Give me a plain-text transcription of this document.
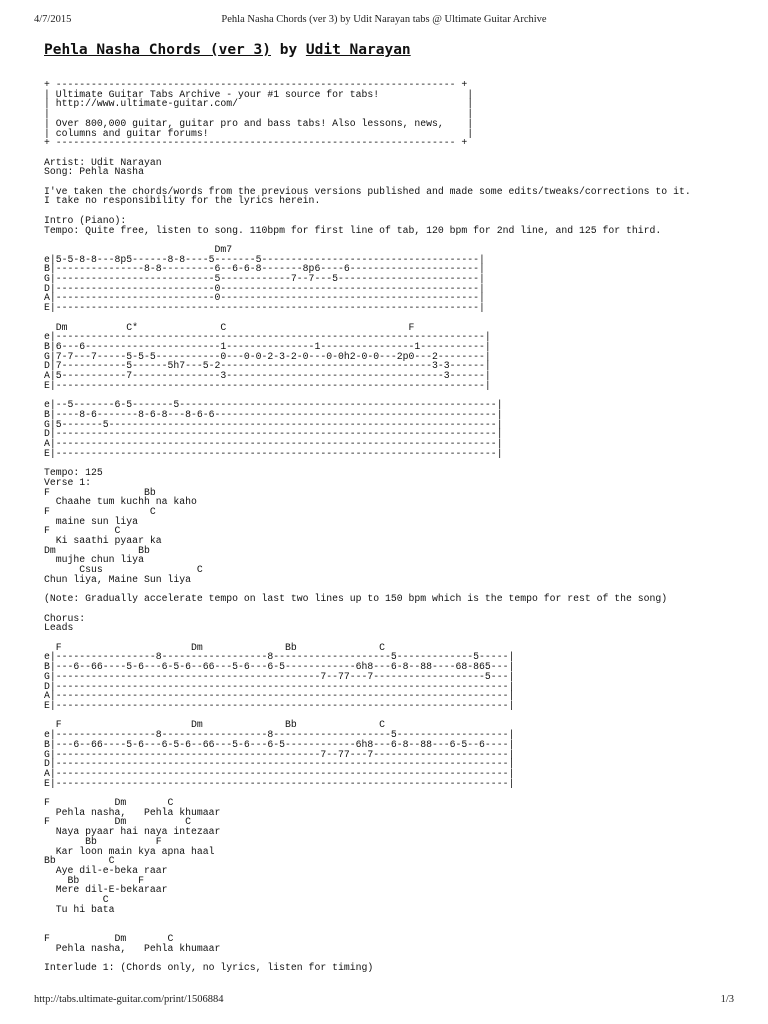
4/7/2015	Pehla Nasha Chords (ver 3) by Udit Narayan tabs @ Ultimate Guitar Archive
Pehla Nasha Chords (ver 3) by Udit Narayan
+ -------------------------------------------------------------------- +
| Ultimate Guitar Tabs Archive - your #1 source for tabs!               |
| http://www.ultimate-guitar.com/                                       |
|                                                                       |
| Over 800,000 guitar, guitar pro and bass tabs! Also lessons, news,    |
| columns and guitar forums!                                            |
+ -------------------------------------------------------------------- +

Artist: Udit Narayan
Song: Pehla Nasha

I've taken the chords/words from the previous versions published and made some edits/tweaks/corrections to it.
I take no responsibility for the lyrics herein.

Intro (Piano):
Tempo: Quite free, listen to song. 110bpm for first line of tab, 120 bpm for 2nd line, and 125 for third.

Dm7
e|5-5-8-8---8p5------8-8----5-------5-------------------------------------|
B|---------------8-8---------6--6-6-8-------8p6----6----------------------|
G|---------------------------5------------7--7---5------------------------|
D|---------------------------0--------------------------------------------|
A|---------------------------0--------------------------------------------|
E|------------------------------------------------------------------------|

Dm          C*              C                               F
e|-------------------------------------------------------------------------|
B|6---6-----------------------1---------------1----------------1-----------|
G|7-7---7-----5-5-5-----------0---0-0-2-3-2-0---0-0h2-0-0---2p0---2--------|
D|7-----------5------5h7---5-2------------------------------------3-3------|
A|5-----------7---------------3-------------------------------------3------|
E|-------------------------------------------------------------------------|

e|--5-------6-5-------5------------------------------------------------------|
B|----8-6-------8-6-8---8-6-6------------------------------------------------|
G|5-------5------------------------------------------------------------------|
D|---------------------------------------------------------------------------|
A|---------------------------------------------------------------------------|
E|---------------------------------------------------------------------------|

Tempo: 125
Verse 1:
F                Bb
Chaahe tum kuchh na kaho
F                 C
maine sun liya
F           C
Ki saathi pyaar ka
Dm              Bb
mujhe chun liya
Csus                C
Chun liya, Maine Sun liya

(Note: Gradually accelerate tempo on last two lines up to 150 bpm which is the tempo for rest of the song)

Chorus:
Leads

F                      Dm              Bb              C
e|-----------------8------------------8--------------------5-------------5-----|
B|---6--66----5-6---6-5-6--66---5-6---6-5------------6h8---6-8--88----68-865---|
G|---------------------------------------------7--77---7-------------------5---|
D|-----------------------------------------------------------------------------|
A|-----------------------------------------------------------------------------|
E|-----------------------------------------------------------------------------|

F                      Dm              Bb              C
e|-----------------8------------------8--------------------5-------------------|
B|---6--66----5-6---6-5-6--66---5-6---6-5------------6h8---6-8--88---6-5--6----|
G|---------------------------------------------7--77---7-----------------------|
D|-----------------------------------------------------------------------------|
A|-----------------------------------------------------------------------------|
E|-----------------------------------------------------------------------------|

F           Dm       C
Pehla nasha,   Pehla khumaar
F           Dm          C
Naya pyaar hai naya intezaar
Bb          F
Kar loon main kya apna haal
Bb         C
Aye dil-e-beka raar
Bb          F
Mere dil-E-bekaraar
C
Tu hi bata

F           Dm       C
Pehla nasha,   Pehla khumaar

Interlude 1: (Chords only, no lyrics, listen for timing)
http://tabs.ultimate-guitar.com/print/1506884	1/3
